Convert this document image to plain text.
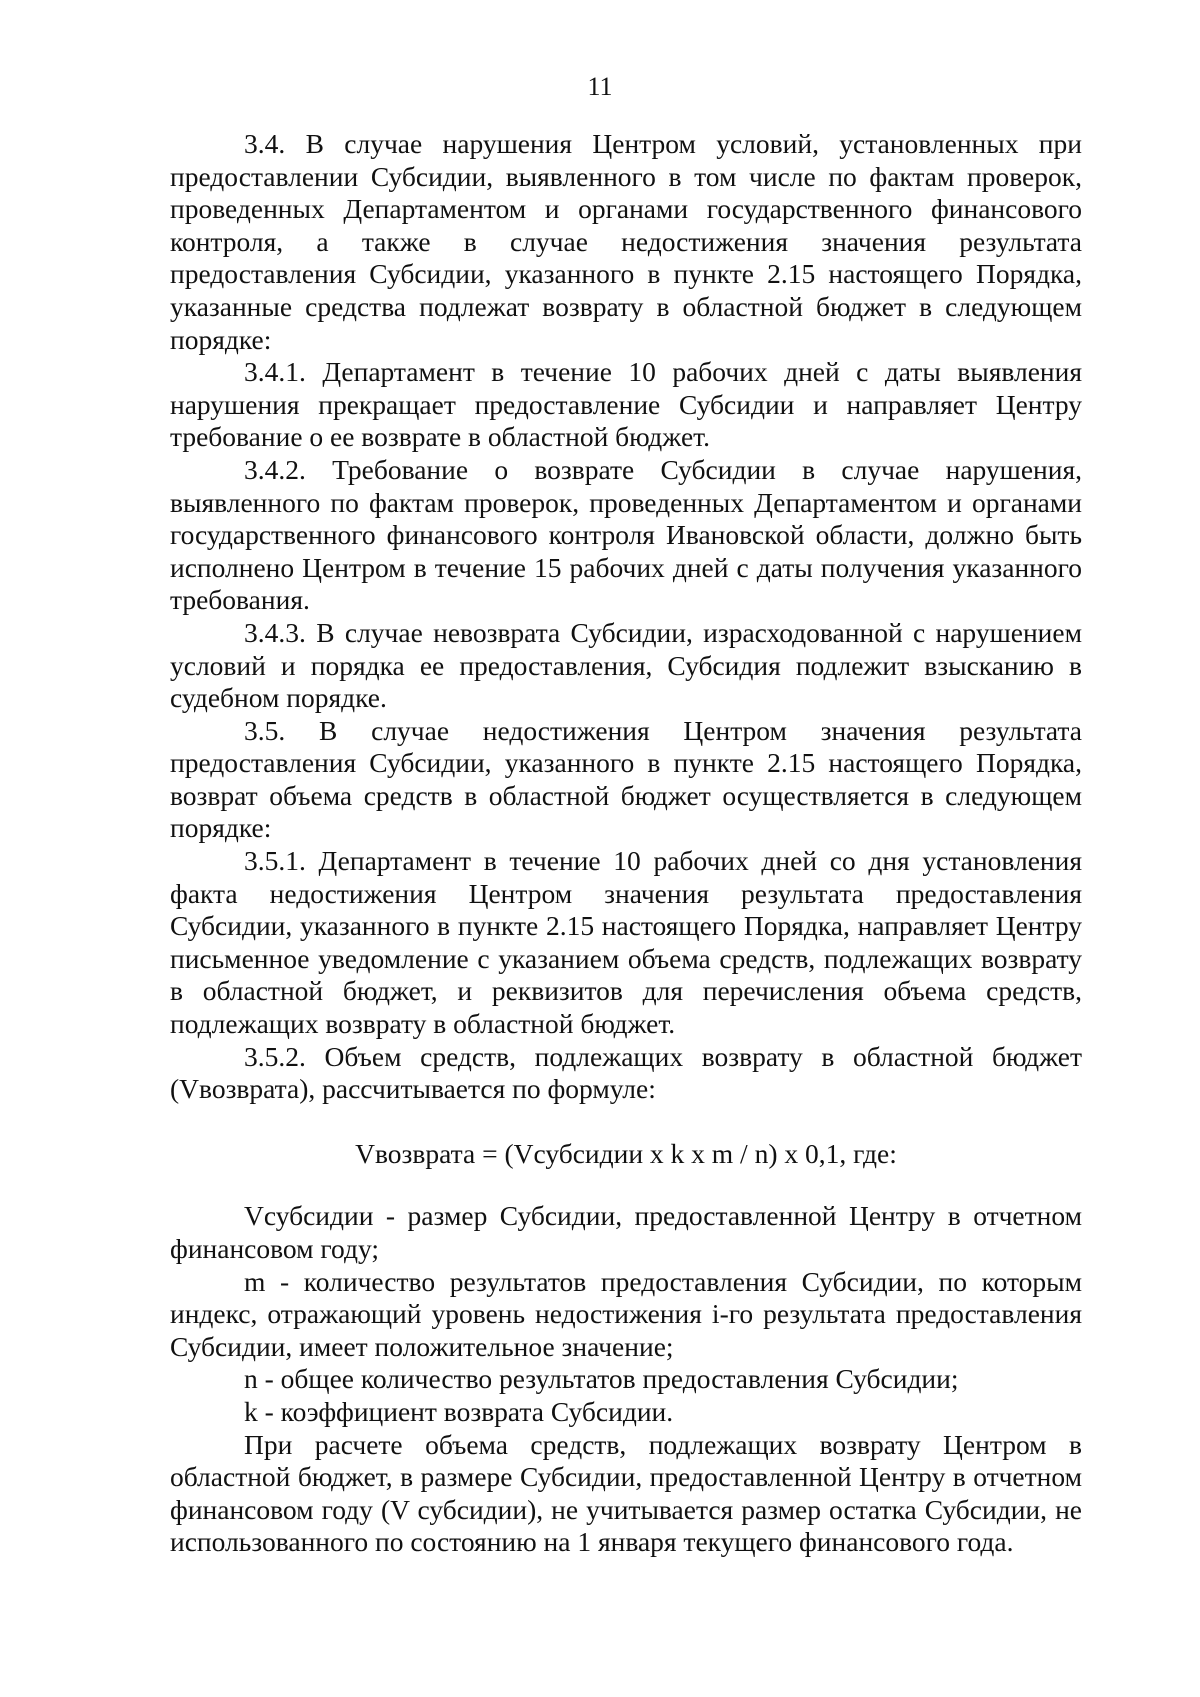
11

3.4. В случае нарушения Центром условий, установленных при предоставлении Субсидии, выявленного в том числе по фактам проверок, проведенных Департаментом и органами государственного финансового контроля, а также в случае недостижения значения результата предоставления Субсидии, указанного в пункте 2.15 настоящего Порядка, указанные средства подлежат возврату в областной бюджет в следующем порядке:

3.4.1. Департамент в течение 10 рабочих дней с даты выявления нарушения прекращает предоставление Субсидии и направляет Центру требование о ее возврате в областной бюджет.

3.4.2. Требование о возврате Субсидии в случае нарушения, выявленного по фактам проверок, проведенных Департаментом и органами государственного финансового контроля Ивановской области, должно быть исполнено Центром в течение 15 рабочих дней с даты получения указанного требования.

3.4.3. В случае невозврата Субсидии, израсходованной с нарушением условий и порядка ее предоставления, Субсидия подлежит взысканию в судебном порядке.

3.5. В случае недостижения Центром значения результата предоставления Субсидии, указанного в пункте 2.15 настоящего Порядка, возврат объема средств в областной бюджет осуществляется в следующем порядке:

3.5.1. Департамент в течение 10 рабочих дней со дня установления факта недостижения Центром значения результата предоставления Субсидии, указанного в пункте 2.15 настоящего Порядка, направляет Центру письменное уведомление с указанием объема средств, подлежащих возврату в областной бюджет, и реквизитов для перечисления объема средств, подлежащих возврату в областной бюджет.

3.5.2. Объем средств, подлежащих возврату в областной бюджет (Vвозврата), рассчитывается по формуле:

Vвозврата = (Vсубсидии x k x m / n) x 0,1, где:

Vсубсидии - размер Субсидии, предоставленной Центру в отчетном финансовом году;

m - количество результатов предоставления Субсидии, по которым индекс, отражающий уровень недостижения i-го результата предоставления Субсидии, имеет положительное значение;

n - общее количество результатов предоставления Субсидии;

k - коэффициент возврата Субсидии.

При расчете объема средств, подлежащих возврату Центром в областной бюджет, в размере Субсидии, предоставленной Центру в отчетном финансовом году (V субсидии), не учитывается размер остатка Субсидии, не использованного по состоянию на 1 января текущего финансового года.
